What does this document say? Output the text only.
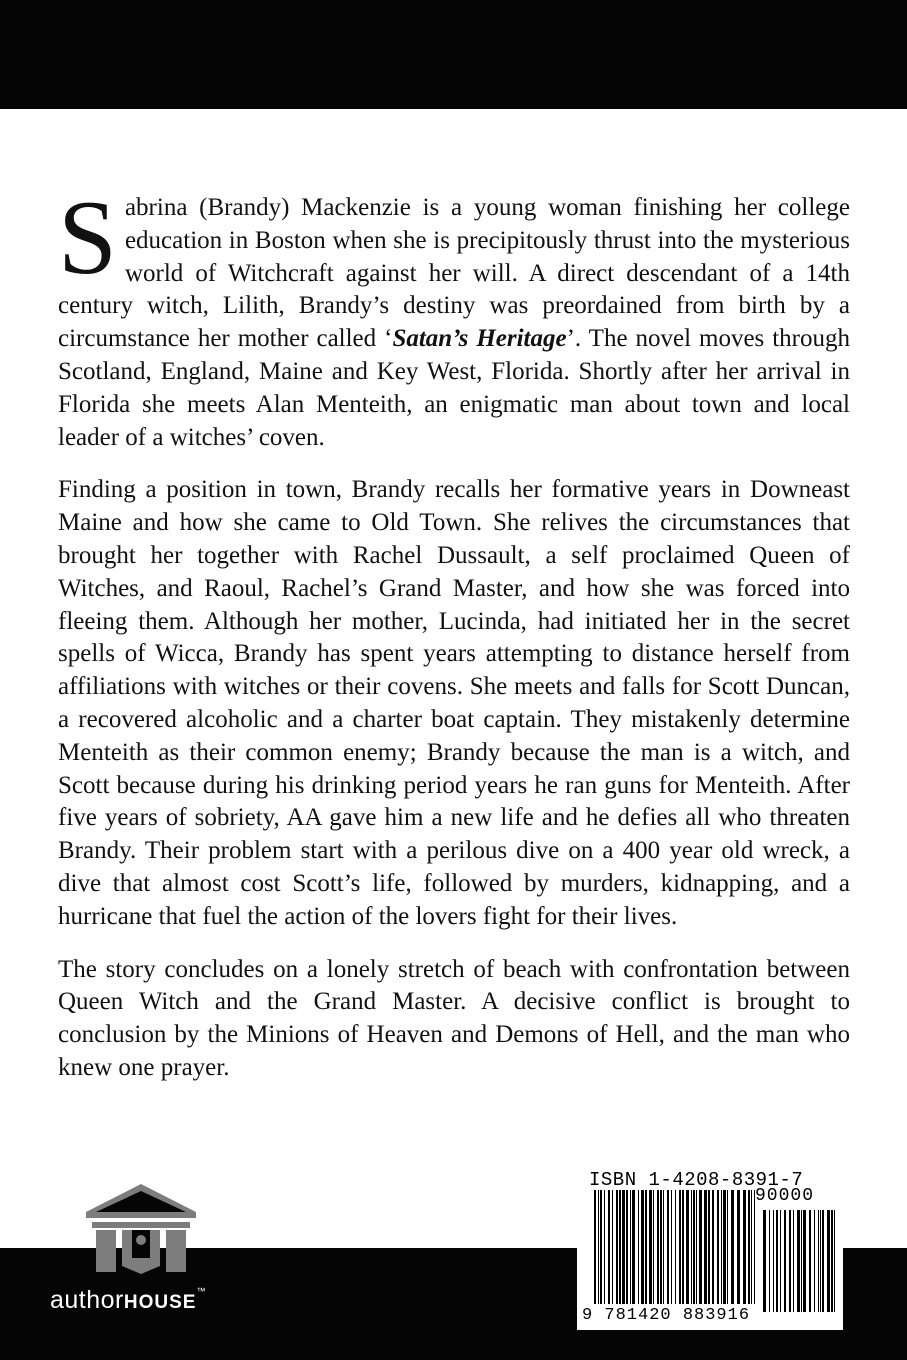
Sabrina (Brandy) Mackenzie is a young woman finishing her college education in Boston when she is precipitously thrust into the mysterious world of Witchcraft against her will. A direct descendant of a 14th century witch, Lilith, Brandy’s destiny was preordained from birth by a circumstance her mother called ‘Satan’s Heritage’. The novel moves through Scotland, England, Maine and Key West, Florida. Shortly after her arrival in Florida she meets Alan Menteith, an enigmatic man about town and local leader of a witches’ coven.

Finding a position in town, Brandy recalls her formative years in Downeast Maine and how she came to Old Town. She relives the circumstances that brought her together with Rachel Dussault, a self proclaimed Queen of Witches, and Raoul, Rachel’s Grand Master, and how she was forced into fleeing them. Although her mother, Lucinda, had initiated her in the secret spells of Wicca, Brandy has spent years attempting to distance herself from affiliations with witches or their covens. She meets and falls for Scott Duncan, a recovered alcoholic and a charter boat captain. They mistakenly determine Menteith as their common enemy; Brandy because the man is a witch, and Scott because during his drinking period years he ran guns for Menteith. After five years of sobriety, AA gave him a new life and he defies all who threaten Brandy. Their problem start with a perilous dive on a 400 year old wreck, a dive that almost cost Scott’s life, followed by murders, kidnapping, and a hurricane that fuel the action of the lovers fight for their lives.

The story concludes on a lonely stretch of beach with confrontation between Queen Witch and the Grand Master. A decisive conflict is brought to conclusion by the Minions of Heaven and Demons of Hell, and the man who knew one prayer.

authorHOUSE™
ISBN 1-4208-8391-7
90000
9 781420 883916
